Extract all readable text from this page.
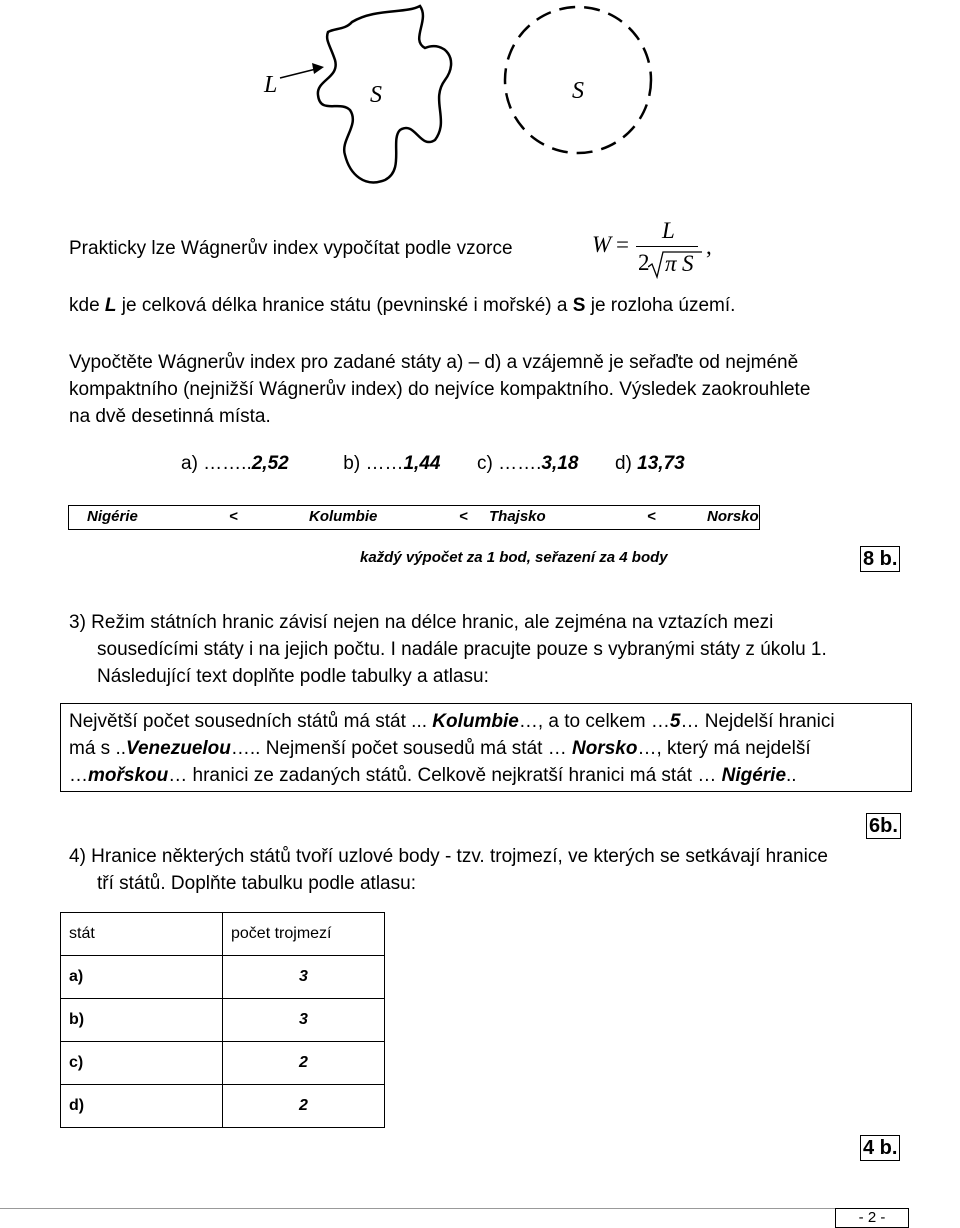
L	S	S
Prakticky lze Wágnerův index vypočítat podle vzorce	W =
L
2 π S
,
kde L je celková délka hranice státu (pevninské i mořské) a S je rozloha území.
Vypočtěte Wágnerův index pro zadané státy a) – d) a vzájemně je seřaďte od nejméně
kompaktního (nejnižší Wágnerův index) do nejvíce kompaktního. Výsledek zaokrouhlete
na dvě desetinná místa.
a) ……..2,52	b) ……1,44 c) …….3,18 d) 13,73
Nigérie	<	Kolumbie	< Thajsko	<	Norsko
každý výpočet za 1 bod, seřazení za 4 body	8 b.
3) Režim státních hranic závisí nejen na délce hranic, ale zejména na vztazích mezi
sousedícími státy i na jejich počtu. I nadále pracujte pouze s vybranými státy z úkolu 1.
Následující text doplňte podle tabulky a atlasu:
Největší počet sousedních států má stát ... Kolumbie…, a to celkem …5… Nejdelší hranici
má s ..Venezuelou….. Nejmenší počet sousedů má stát … Norsko…, který má nejdelší
…mořskou… hranici ze zadaných států. Celkově nejkratší hranici má stát … Nigérie..
6b.
4) Hranice některých států tvoří uzlové body - tzv. trojmezí, ve kterých se setkávají hranice
tří států. Doplňte tabulku podle atlasu:
stát	počet trojmezí
a)	3
b)	3
c)	2
d)	2
4 b.
- 2 -
